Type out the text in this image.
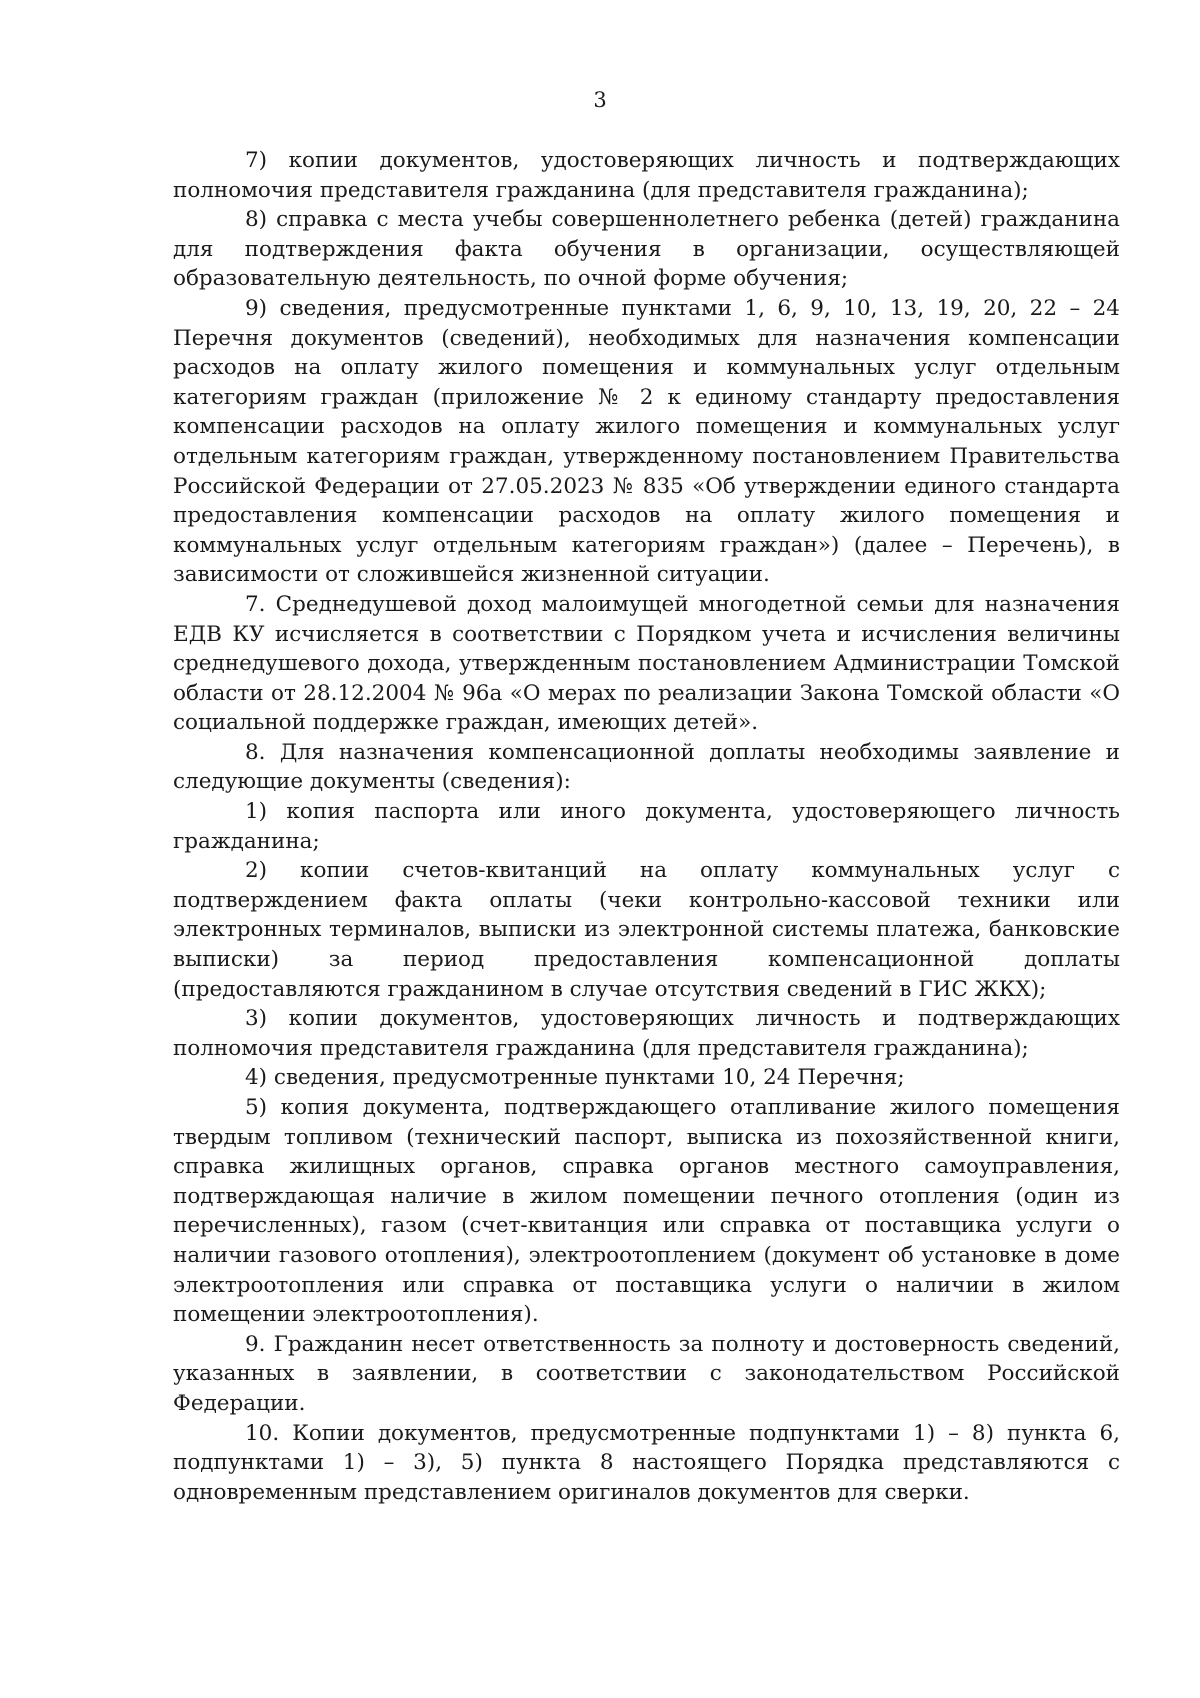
3

7) копии документов, удостоверяющих личность и подтверждающих полномочия представителя гражданина (для представителя гражданина);

8) справка с места учебы совершеннолетнего ребенка (детей) гражданина для подтверждения факта обучения в организации, осуществляющей образовательную деятельность, по очной форме обучения;

9) сведения, предусмотренные пунктами 1, 6, 9, 10, 13, 19, 20, 22 – 24 Перечня документов (сведений), необходимых для назначения компенсации расходов на оплату жилого помещения и коммунальных услуг отдельным категориям граждан (приложение № 2 к единому стандарту предоставления компенсации расходов на оплату жилого помещения и коммунальных услуг отдельным категориям граждан, утвержденному постановлением Правительства Российской Федерации от 27.05.2023 № 835 «Об утверждении единого стандарта предоставления компенсации расходов на оплату жилого помещения и коммунальных услуг отдельным категориям граждан») (далее – Перечень), в зависимости от сложившейся жизненной ситуации.

7. Среднедушевой доход малоимущей многодетной семьи для назначения ЕДВ КУ исчисляется в соответствии с Порядком учета и исчисления величины среднедушевого дохода, утвержденным постановлением Администрации Томской области от 28.12.2004 № 96а «О мерах по реализации Закона Томской области «О социальной поддержке граждан, имеющих детей».

8. Для назначения компенсационной доплаты необходимы заявление и следующие документы (сведения):

1) копия паспорта или иного документа, удостоверяющего личность гражданина;

2) копии счетов-квитанций на оплату коммунальных услуг с подтверждением факта оплаты (чеки контрольно-кассовой техники или электронных терминалов, выписки из электронной системы платежа, банковские выписки) за период предоставления компенсационной доплаты (предоставляются гражданином в случае отсутствия сведений в ГИС ЖКХ);

3) копии документов, удостоверяющих личность и подтверждающих полномочия представителя гражданина (для представителя гражданина);

4) сведения, предусмотренные пунктами 10, 24 Перечня;

5) копия документа, подтверждающего отапливание жилого помещения твердым топливом (технический паспорт, выписка из похозяйственной книги, справка жилищных органов, справка органов местного самоуправления, подтверждающая наличие в жилом помещении печного отопления (один из перечисленных), газом (счет-квитанция или справка от поставщика услуги о наличии газового отопления), электроотоплением (документ об установке в доме электроотопления или справка от поставщика услуги о наличии в жилом помещении электроотопления).

9. Гражданин несет ответственность за полноту и достоверность сведений, указанных в заявлении, в соответствии с законодательством Российской Федерации.

10. Копии документов, предусмотренные подпунктами 1) – 8) пункта 6, подпунктами 1) – 3), 5) пункта 8 настоящего Порядка представляются с одновременным представлением оригиналов документов для сверки.
